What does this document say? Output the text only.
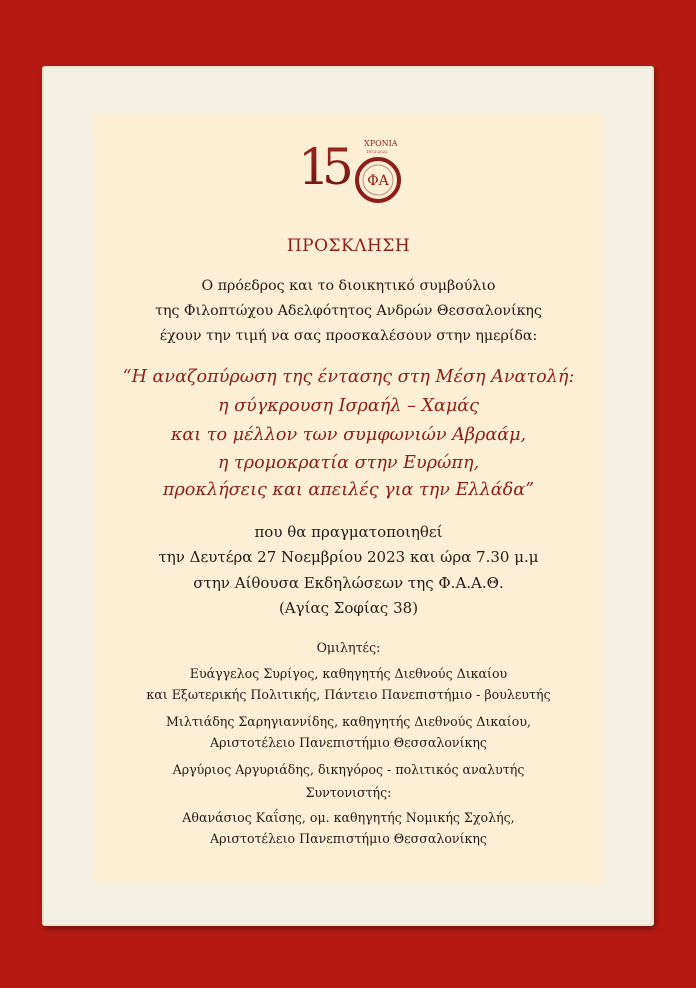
1
5 ΦΑ
ΧΡΟΝΙΑ
1872-2022
ΠΡΟΣΚΛΗΣΗ
Ο πρόεδρος και το διοικητικό συμβούλιο
της Φιλοπτώχου Αδελφότητος Ανδρών Θεσσαλονίκης
έχουν την τιμή να σας προσκαλέσουν στην ημερίδα:
“Η αναζοπύρωση της έντασης στη Μέση Ανατολή:
η σύγκρουση Ισραήλ – Χαμάς
και το μέλλον των συμφωνιών Αβραάμ,
η τρομοκρατία στην Ευρώπη,
προκλήσεις και απειλές για την Ελλάδα”
που θα πραγματοποιηθεί
την Δευτέρα 27 Νοεμβρίου 2023 και ώρα 7.30 μ.μ
στην Αίθουσα Εκδηλώσεων της Φ.Α.Α.Θ.
(Αγίας Σοφίας 38)
Ομιλητές:
Ευάγγελος Συρίγος, καθηγητής Διεθνούς Δικαίου
και Εξωτερικής Πολιτικής, Πάντειο Πανεπιστήμιο - βουλευτής
Μιλτιάδης Σαρηγιαννίδης, καθηγητής Διεθνούς Δικαίου,
Αριστοτέλειο Πανεπιστήμιο Θεσσαλονίκης
Αργύριος Αργυριάδης, δικηγόρος - πολιτικός αναλυτής
Συντονιστής:
Αθανάσιος Καΐσης, ομ. καθηγητής Νομικής Σχολής,
Αριστοτέλειο Πανεπιστήμιο Θεσσαλονίκης
